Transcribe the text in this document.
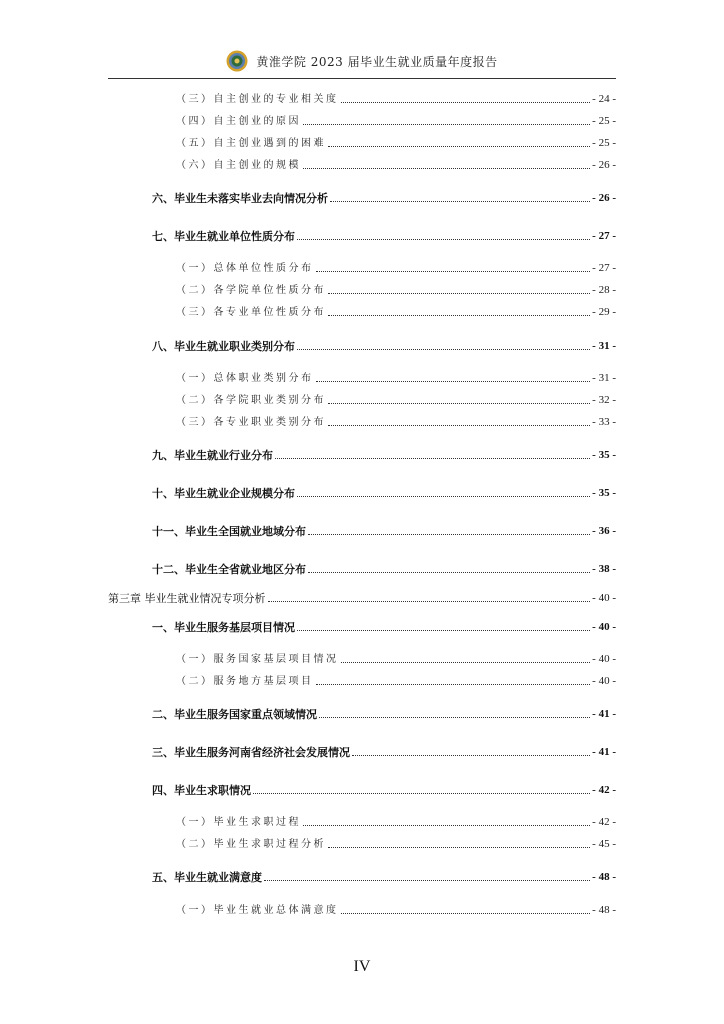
黄淮学院 2023 届毕业生就业质量年度报告
（三）自主创业的专业相关度	- 24 -
（四）自主创业的原因	- 25 -
（五）自主创业遇到的困难	- 25 -
（六）自主创业的规模	- 26 -
六、毕业生未落实毕业去向情况分析	- 26 -
七、毕业生就业单位性质分布	- 27 -
（一）总体单位性质分布	- 27 -
（二）各学院单位性质分布	- 28 -
（三）各专业单位性质分布	- 29 -
八、毕业生就业职业类别分布	- 31 -
（一）总体职业类别分布	- 31 -
（二）各学院职业类别分布	- 32 -
（三）各专业职业类别分布	- 33 -
九、毕业生就业行业分布	- 35 -
十、毕业生就业企业规模分布	- 35 -
十一、毕业生全国就业地域分布	- 36 -
十二、毕业生全省就业地区分布	- 38 -
第三章 毕业生就业情况专项分析	- 40 -
一、毕业生服务基层项目情况	- 40 -
（一）服务国家基层项目情况	- 40 -
（二）服务地方基层项目	- 40 -
二、毕业生服务国家重点领域情况	- 41 -
三、毕业生服务河南省经济社会发展情况	- 41 -
四、毕业生求职情况	- 42 -
（一）毕业生求职过程	- 42 -
（二）毕业生求职过程分析	- 45 -
五、毕业生就业满意度	- 48 -
（一）毕业生就业总体满意度	- 48 -
IV
